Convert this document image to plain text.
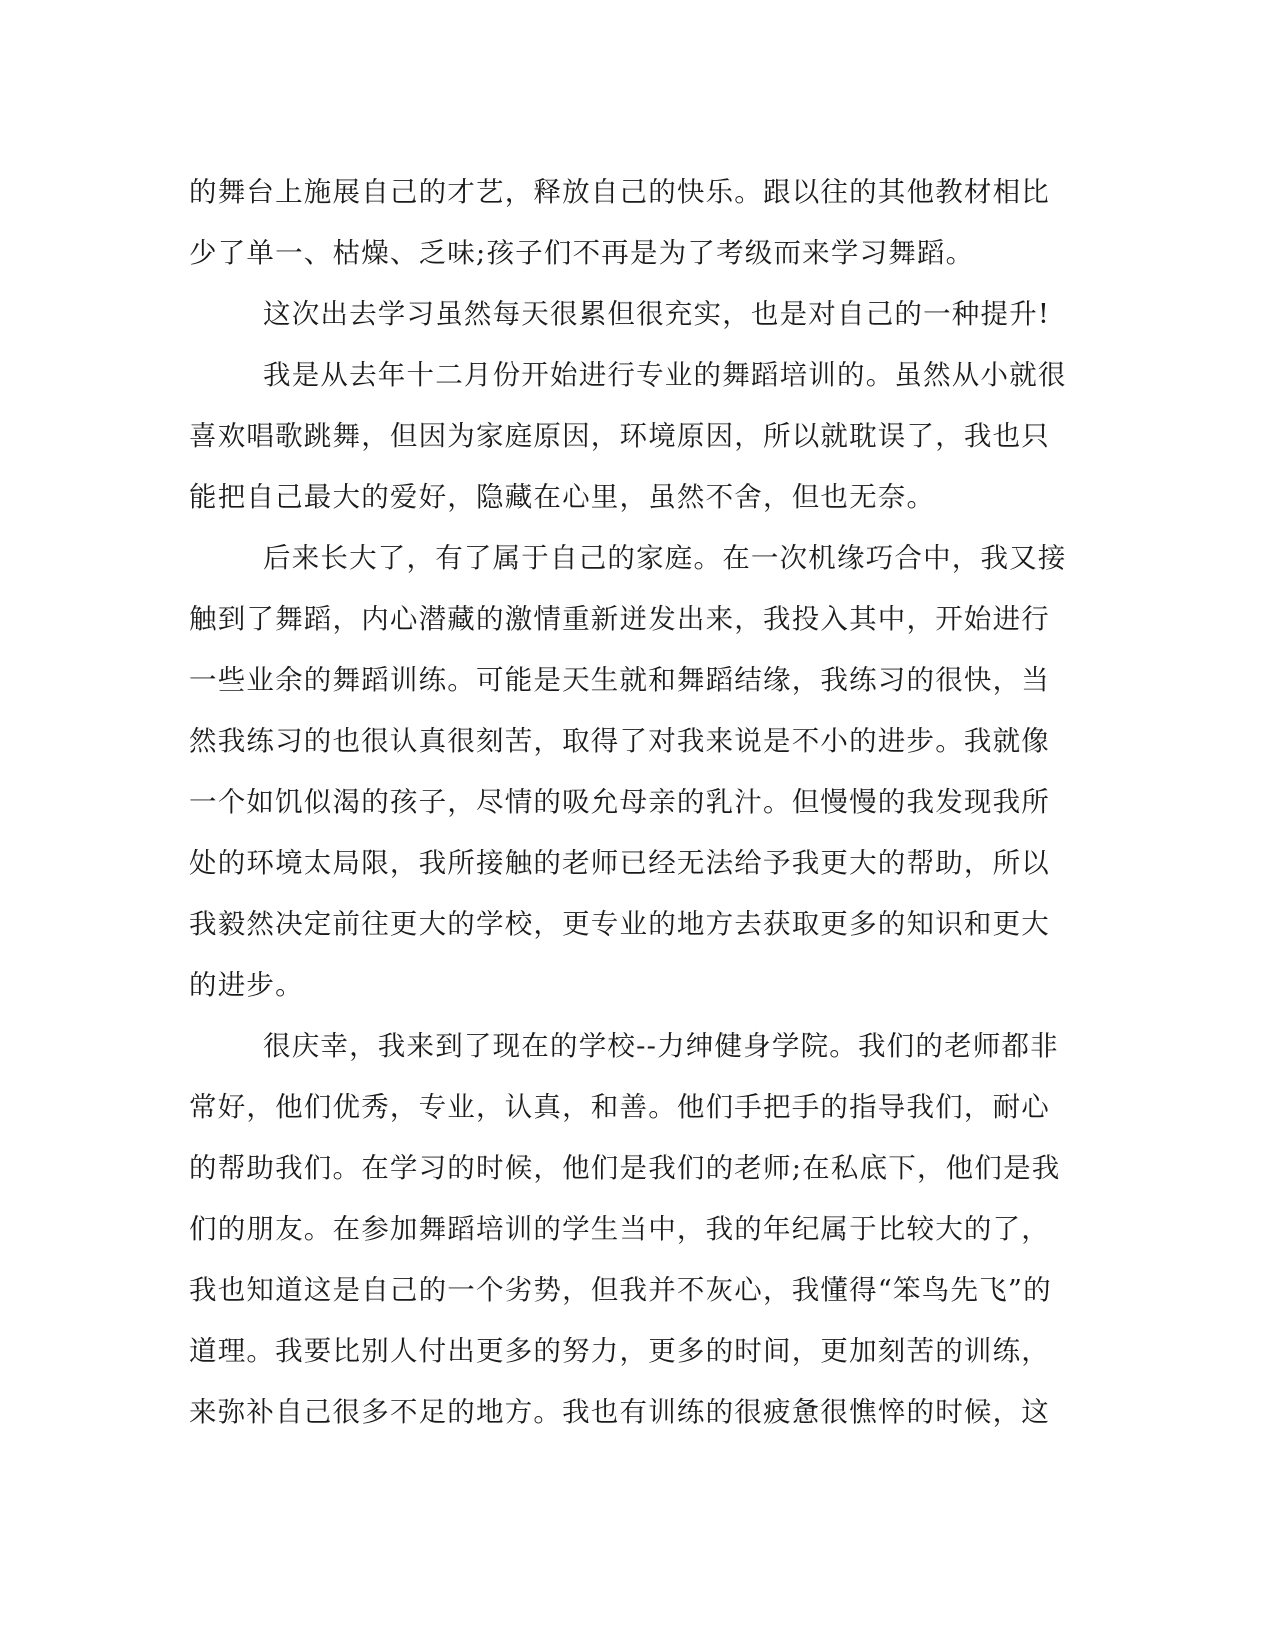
的舞台上施展自己的才艺，释放自己的快乐。跟以往的其他教材相比
少了单一、枯燥、乏味;孩子们不再是为了考级而来学习舞蹈。
这次出去学习虽然每天很累但很充实，也是对自己的一种提升!
我是从去年十二月份开始进行专业的舞蹈培训的。虽然从小就很
喜欢唱歌跳舞，但因为家庭原因，环境原因，所以就耽误了，我也只
能把自己最大的爱好，隐藏在心里，虽然不舍，但也无奈。
后来长大了，有了属于自己的家庭。在一次机缘巧合中，我又接
触到了舞蹈，内心潜藏的激情重新迸发出来，我投入其中，开始进行
一些业余的舞蹈训练。可能是天生就和舞蹈结缘，我练习的很快，当
然我练习的也很认真很刻苦，取得了对我来说是不小的进步。我就像
一个如饥似渴的孩子，尽情的吸允母亲的乳汁。但慢慢的我发现我所
处的环境太局限，我所接触的老师已经无法给予我更大的帮助，所以
我毅然决定前往更大的学校，更专业的地方去获取更多的知识和更大
的进步。
很庆幸，我来到了现在的学校--力绅健身学院。我们的老师都非
常好，他们优秀，专业，认真，和善。他们手把手的指导我们，耐心
的帮助我们。在学习的时候，他们是我们的老师;在私底下，他们是我
们的朋友。在参加舞蹈培训的学生当中，我的年纪属于比较大的了，
我也知道这是自己的一个劣势，但我并不灰心，我懂得“笨鸟先飞”的
道理。我要比别人付出更多的努力，更多的时间，更加刻苦的训练，
来弥补自己很多不足的地方。我也有训练的很疲惫很憔悴的时候，这
